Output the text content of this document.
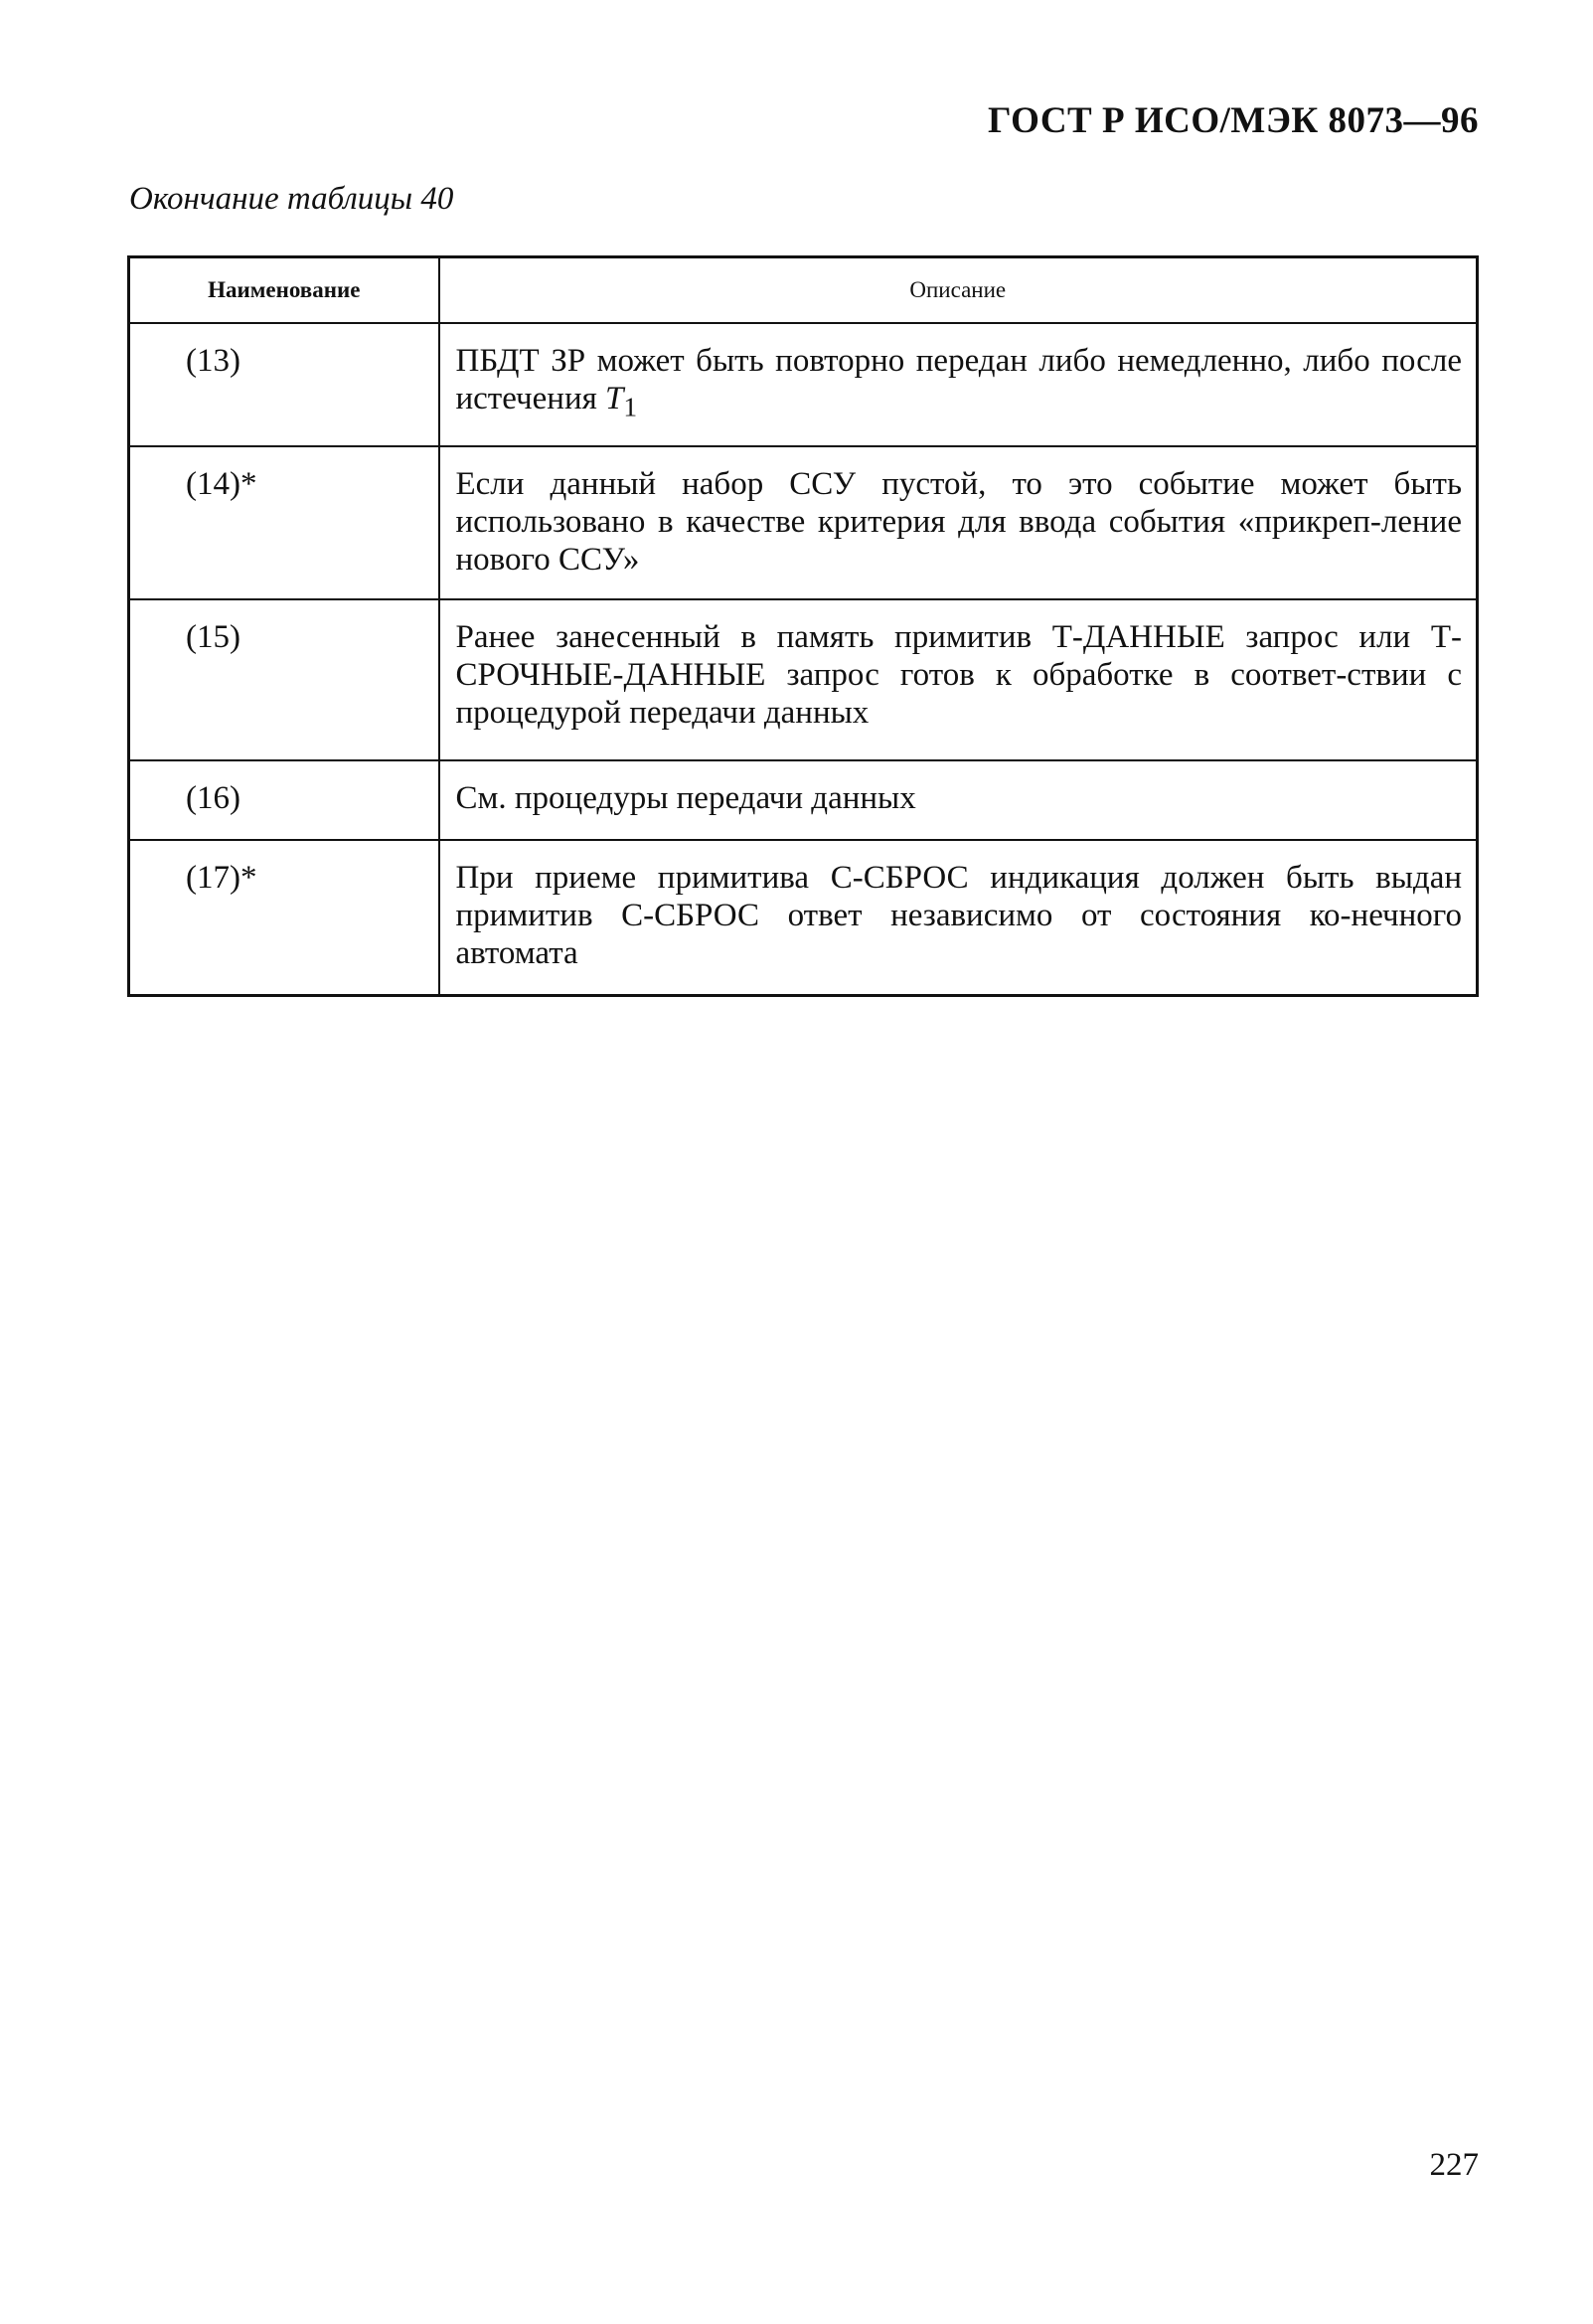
ГОСТ Р ИСО/МЭК 8073—96
Окончание таблицы 40
Наименование	Описание
(13)	ПБДТ ЗР может быть повторно передан либо немедленно, либо после истечения $T_1$
(14)*	Если данный набор ССУ пустой, то это событие может быть использовано в качестве критерия для ввода события «прикреп-ление нового ССУ»
(15)	Ранее занесенный в память примитив Т-ДАННЫЕ запрос или Т-СРОЧНЫЕ-ДАННЫЕ запрос готов к обработке в соответ-ствии с процедурой передачи данных
(16)	См. процедуры передачи данных
(17)*	При приеме примитива С-СБРОС индикация должен быть выдан примитив С-СБРОС ответ независимо от состояния ко-нечного автомата
227
